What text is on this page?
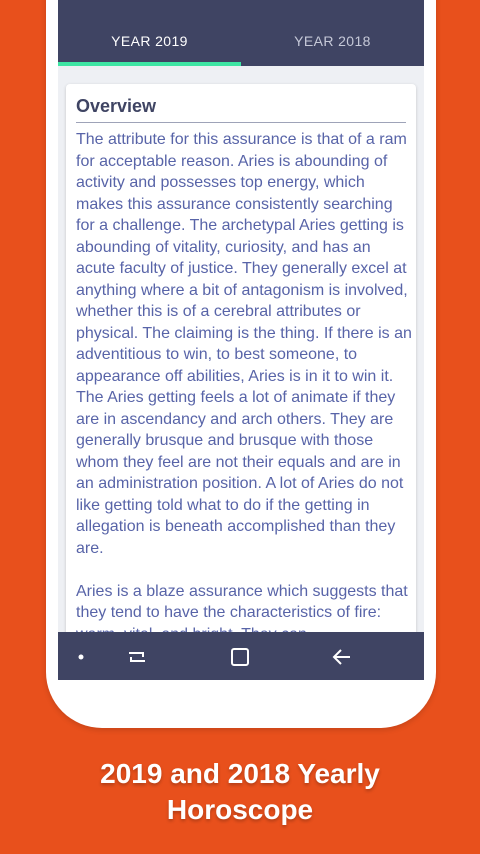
YEAR 2019	YEAR 2018
Overview

The attribute for this assurance is that of a ram for acceptable reason. Aries is abounding of activity and possesses top energy, which makes this assurance consistently searching for a challenge. The archetypal Aries getting is abounding of vitality, curiosity, and has an acute faculty of justice. They generally excel at anything where a bit of antagonism is involved, whether this is of a cerebral attributes or physical. The claiming is the thing. If there is an adventitious to win, to best someone, to appearance off abilities, Aries is in it to win it. The Aries getting feels a lot of animate if they are in ascendancy and arch others. They are generally brusque and brusque with those whom they feel are not their equals and are in an administration position. A lot of Aries do not like getting told what to do if the getting in allegation is beneath accomplished than they are.

Aries is a blaze assurance which suggests that they tend to have the characteristics of fire:

2019 and 2018 Yearly
Horoscope
